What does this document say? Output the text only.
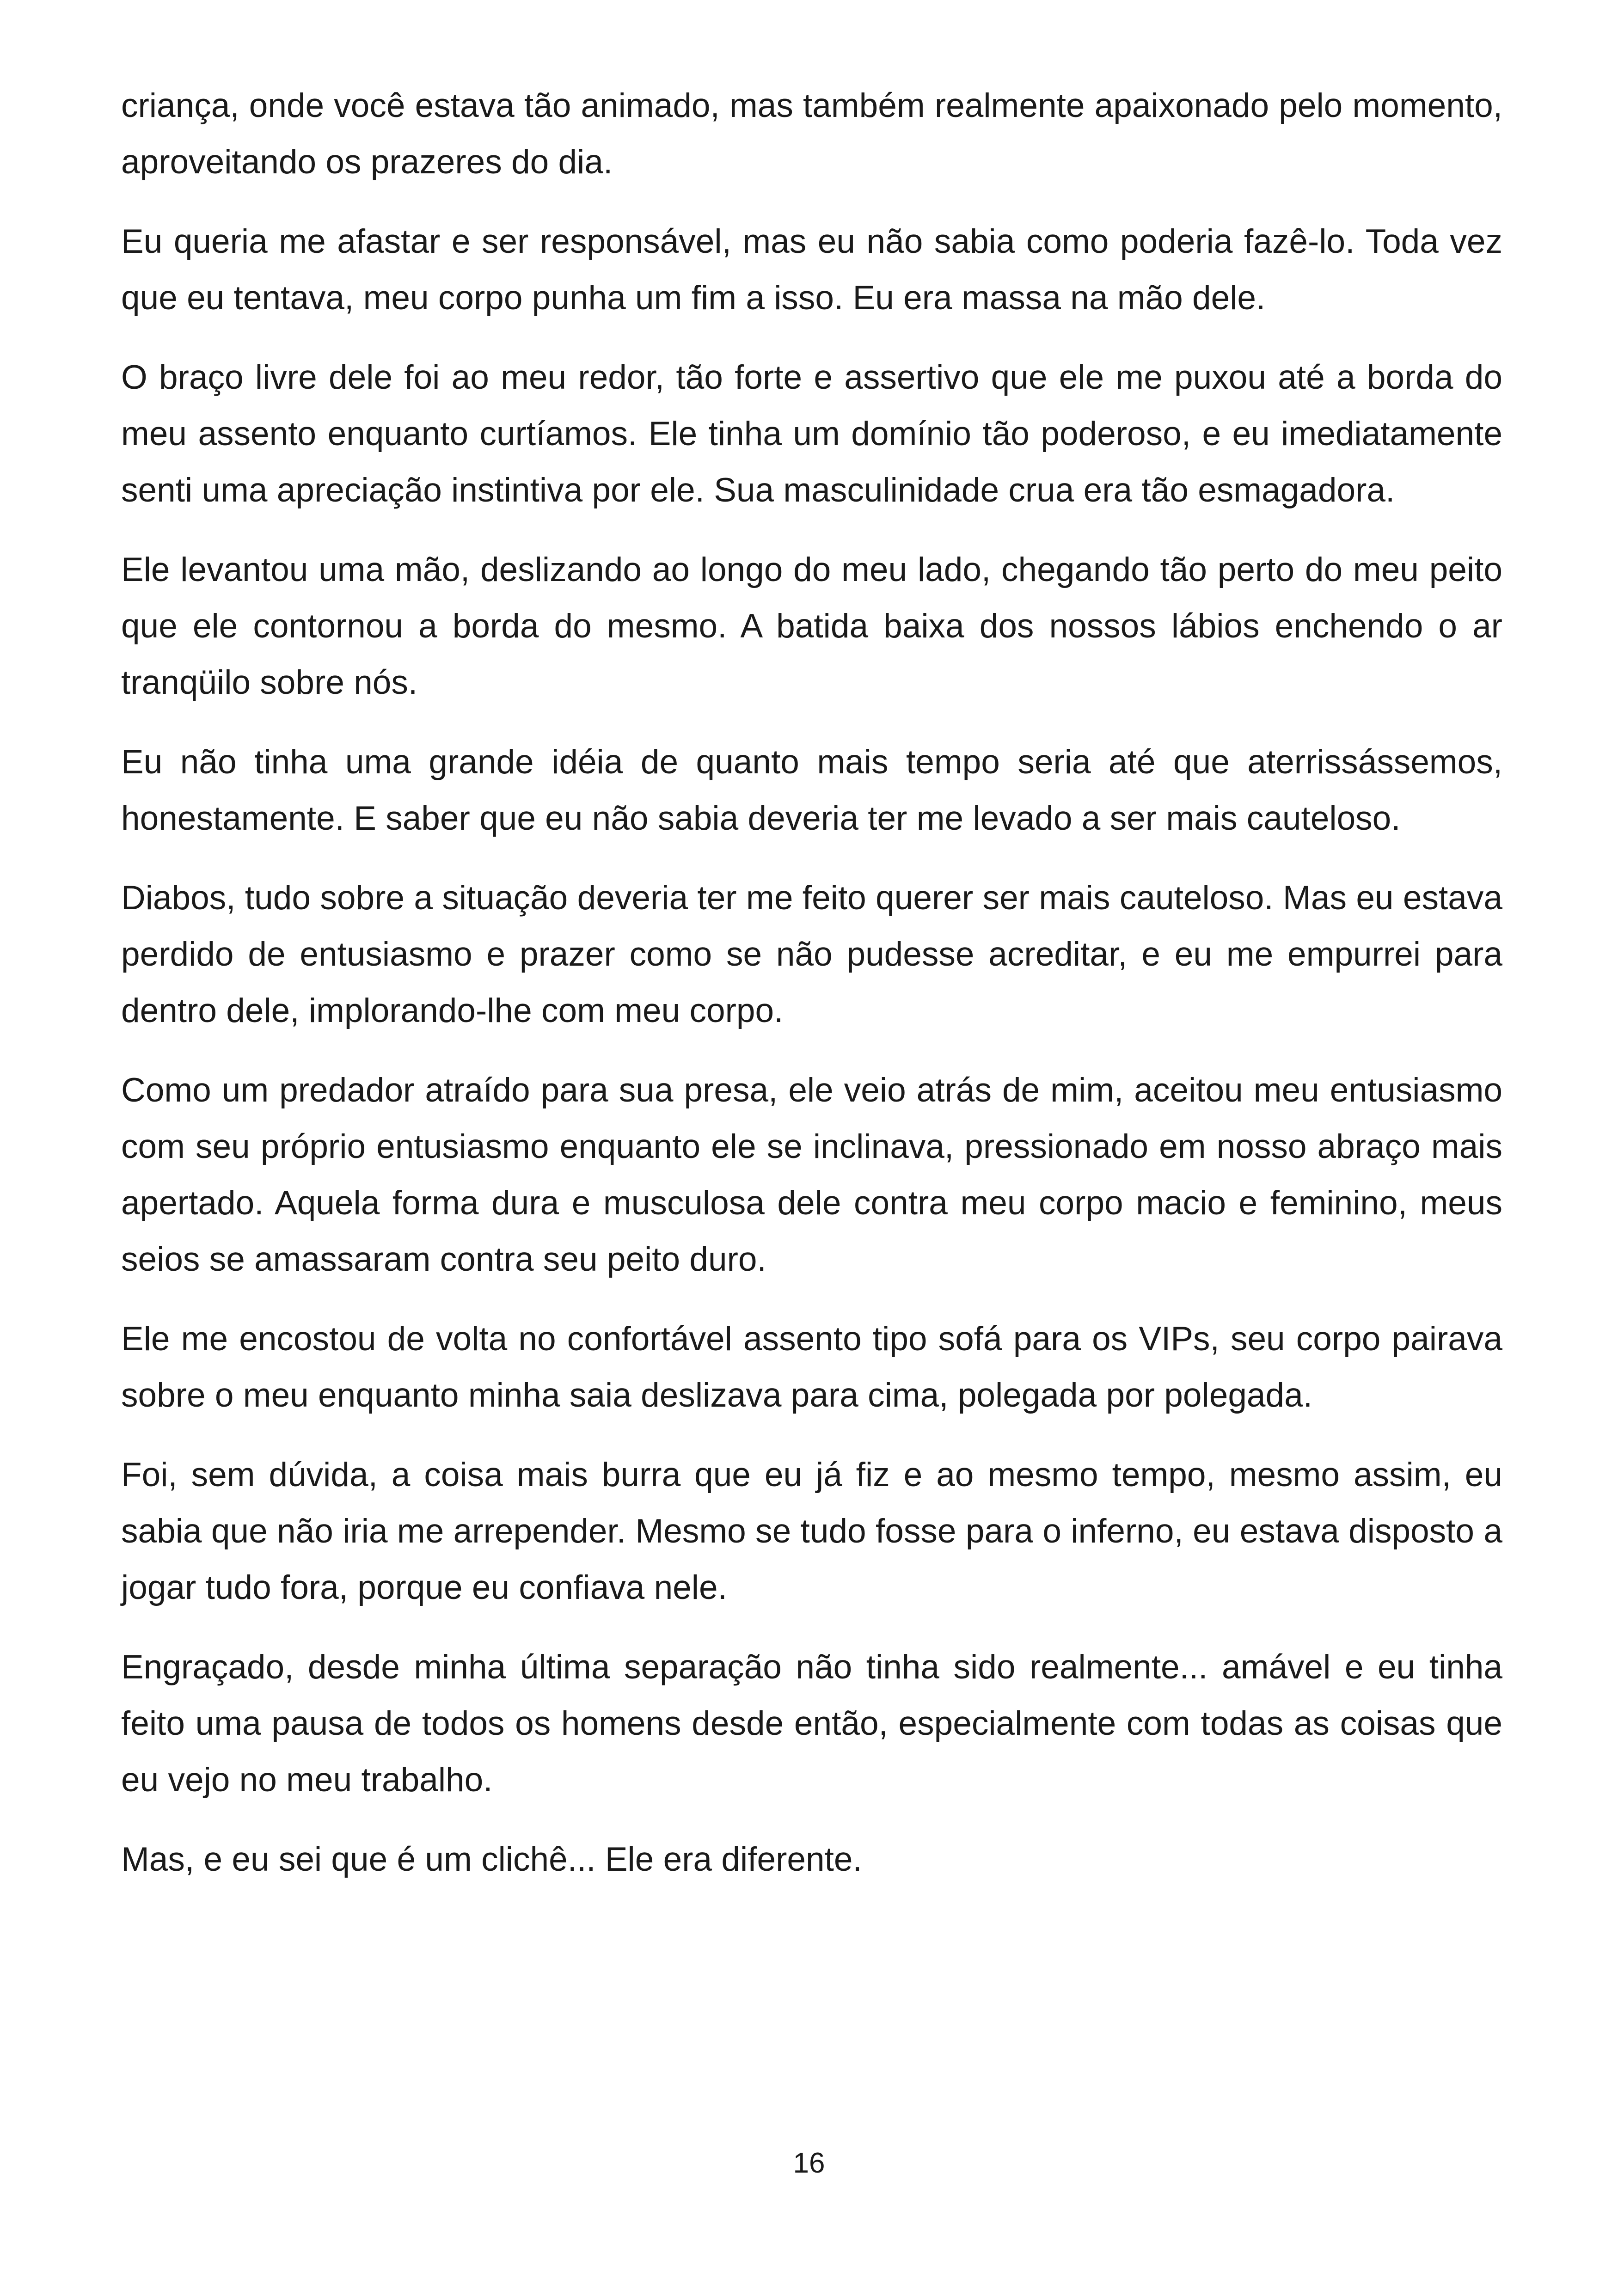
criança, onde você estava tão animado, mas também realmente apaixonado pelo momento, aproveitando os prazeres do dia.

Eu queria me afastar e ser responsável, mas eu não sabia como poderia fazê-lo. Toda vez que eu tentava, meu corpo punha um fim a isso. Eu era massa na mão dele.

O braço livre dele foi ao meu redor, tão forte e assertivo que ele me puxou até a borda do meu assento enquanto curtíamos. Ele tinha um domínio tão poderoso, e eu imediatamente senti uma apreciação instintiva por ele. Sua masculinidade crua era tão esmagadora.

Ele levantou uma mão, deslizando ao longo do meu lado, chegando tão perto do meu peito que ele contornou a borda do mesmo. A batida baixa dos nossos lábios enchendo o ar tranqüilo sobre nós.

Eu não tinha uma grande idéia de quanto mais tempo seria até que aterrissássemos, honestamente. E saber que eu não sabia deveria ter me levado a ser mais cauteloso.

Diabos, tudo sobre a situação deveria ter me feito querer ser mais cauteloso. Mas eu estava perdido de entusiasmo e prazer como se não pudesse acreditar, e eu me empurrei para dentro dele, implorando-lhe com meu corpo.

Como um predador atraído para sua presa, ele veio atrás de mim, aceitou meu entusiasmo com seu próprio entusiasmo enquanto ele se inclinava, pressionado em nosso abraço mais apertado. Aquela forma dura e musculosa dele contra meu corpo macio e feminino, meus seios se amassaram contra seu peito duro.

Ele me encostou de volta no confortável assento tipo sofá para os VIPs, seu corpo pairava sobre o meu enquanto minha saia deslizava para cima, polegada por polegada.

Foi, sem dúvida, a coisa mais burra que eu já fiz e ao mesmo tempo, mesmo assim, eu sabia que não iria me arrepender. Mesmo se tudo fosse para o inferno, eu estava disposto a jogar tudo fora, porque eu confiava nele.

Engraçado, desde minha última separação não tinha sido realmente... amável e eu tinha feito uma pausa de todos os homens desde então, especialmente com todas as coisas que eu vejo no meu trabalho.

Mas, e eu sei que é um clichê... Ele era diferente.

16
